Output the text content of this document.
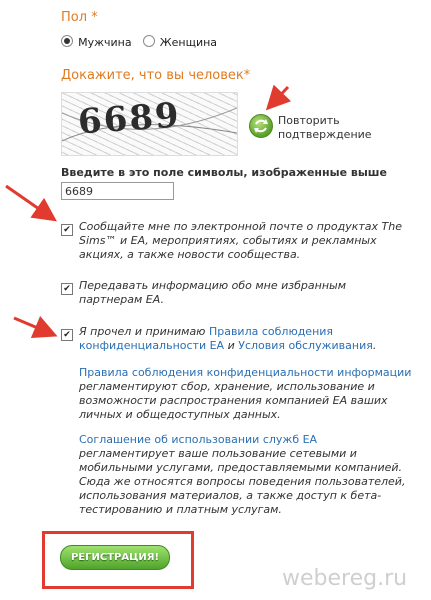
Пол *
Мужчина	Женщина
Докажите, что вы человек*
6689	Повторить
подтверждение
Введите в это поле символы, изображенные выше
6689
✔ Сообщайте мне по электронной почте о продуктах The
Sims™ и EA, мероприятиях, событиях и рекламных
акциях, а также новости сообщества.
✔ Передавать информацию обо мне избранным
партнерам EA.
✔ Я прочел и принимаю Правила соблюдения
конфиденциальности EA и Условия обслуживания.
Правила соблюдения конфиденциальности информации
регламентируют сбор, хранение, использование и
возможности распространения компанией EA ваших
личных и общедоступных данных.
Соглашение об использовании служб EA
регламентирует ваше пользование сетевыми и
мобильными услугами, предоставляемыми компанией.
Сюда же относятся вопросы поведения пользователей,
использования материалов, а также доступ к бета-
тестированию и платным услугам.
РЕГИСТРАЦИЯ!
webereg.ru
